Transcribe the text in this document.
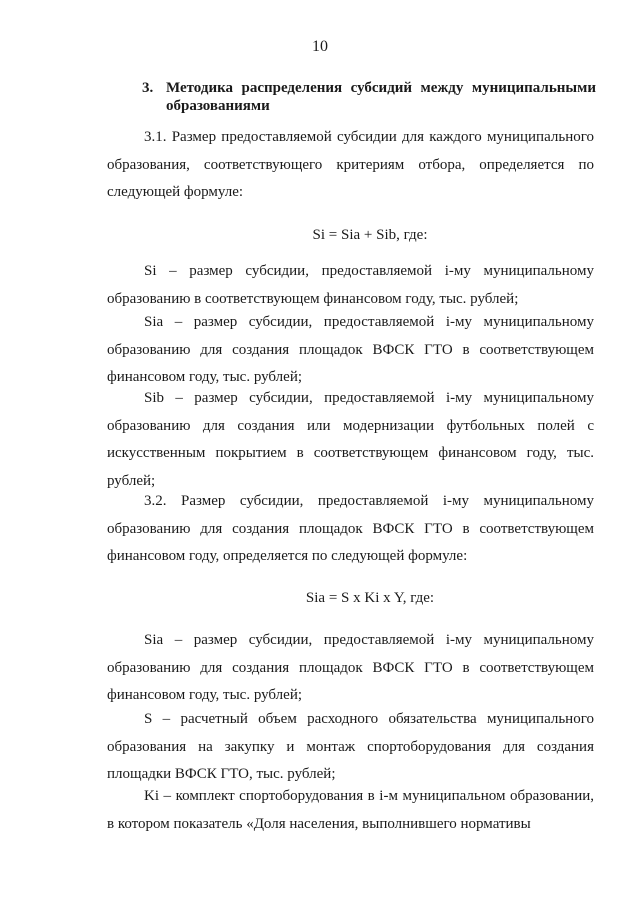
10
3. Методика распределения субсидий между муниципальными образованиями
3.1. Размер предоставляемой субсидии для каждого муниципального образования, соответствующего критериям отбора, определяется по следующей формуле:
Si = Sia + Sib, где:
Si – размер субсидии, предоставляемой i-му муниципальному образованию в соответствующем финансовом году, тыс. рублей;
Sia – размер субсидии, предоставляемой i-му муниципальному образованию для создания площадок ВФСК ГТО в соответствующем финансовом году, тыс. рублей;
Sib – размер субсидии, предоставляемой i-му муниципальному образованию для создания или модернизации футбольных полей с искусственным покрытием в соответствующем финансовом году, тыс. рублей;
3.2. Размер субсидии, предоставляемой i-му муниципальному образованию для создания площадок ВФСК ГТО в соответствующем финансовом году, определяется по следующей формуле:
Sia = S x Ki x Y, где:
Sia – размер субсидии, предоставляемой i-му муниципальному образованию для создания площадок ВФСК ГТО в соответствующем финансовом году, тыс. рублей;
S – расчетный объем расходного обязательства муниципального образования на закупку и монтаж спортоборудования для создания площадки ВФСК ГТО, тыс. рублей;
Ki – комплект спортоборудования в i-м муниципальном образовании, в котором показатель «Доля населения, выполнившего нормативы
